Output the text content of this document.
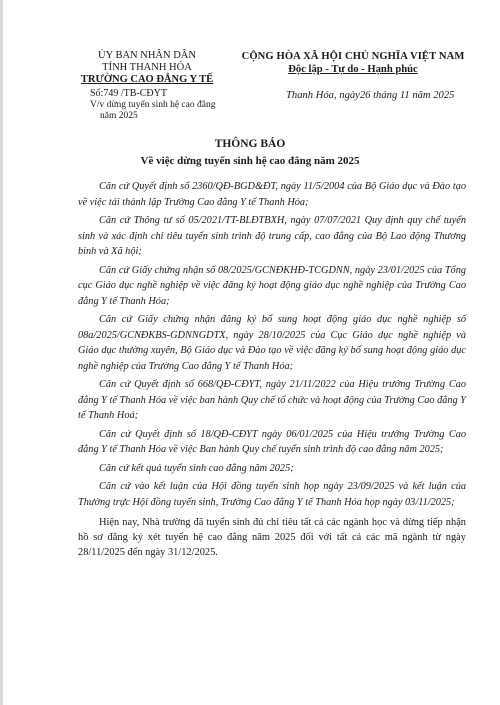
ỦY BAN NHÂN DÂN
TỈNH THANH HÓA
TRƯỜNG CAO ĐẲNG Y TẾ
Số:749 /TB-CĐYT
V/v dừng tuyển sinh hệ cao đẳng
năm 2025
CỘNG HÒA XÃ HỘI CHỦ NGHĨA VIỆT NAM
Độc lập - Tự do - Hạnh phúc
Thanh Hóa, ngày26 tháng 11 năm 2025
THÔNG BÁO
Về việc dừng tuyển sinh hệ cao đẳng năm 2025

Căn cứ Quyết định số 2360/QĐ-BGD&ĐT, ngày 11/5/2004 của Bộ Giáo dục và Đào tạo về việc tái thành lập Trường Cao đẳng Y tế Thanh Hóa;

Căn cứ Thông tư số 05/2021/TT-BLĐTBXH, ngày 07/07/2021 Quy định quy chế tuyển sinh và xác định chỉ tiêu tuyển sinh trình độ trung cấp, cao đẳng của Bộ Lao động Thương binh và Xã hội;

Căn cứ Giấy chứng nhận số 08/2025/GCNĐKHĐ-TCGDNN, ngày 23/01/2025 của Tổng cục Giáo dục nghề nghiệp về việc đăng ký hoạt động giáo dục nghề nghiệp của Trường Cao đẳng Y tế Thanh Hóa;

Căn cứ Giấy chứng nhận đăng ký bổ sung hoạt động giáo dục nghề nghiệp số 08a/2025/GCNĐKBS-GDNNGDTX, ngày 28/10/2025 của Cục Giáo dục nghề nghiệp và Giáo dục thường xuyên, Bộ Giáo dục và Đào tạo về việc đăng ký bổ sung hoạt động giáo dục nghề nghiệp của Trường Cao đẳng Y tế Thanh Hóa;

Căn cứ Quyết định số 668/QĐ-CĐYT, ngày 21/11/2022 của Hiệu trưởng Trường Cao đẳng Y tế Thanh Hóa về việc ban hành Quy chế tổ chức và hoạt động của Trường Cao đẳng Y tế Thanh Hoá;

Căn cứ Quyết định số 18/QĐ-CĐYT ngày 06/01/2025 của Hiệu trưởng Trường Cao đẳng Y tế Thanh Hóa về việc Ban hành Quy chế tuyển sinh trình độ cao đẳng năm 2025;

Căn cứ kết quả tuyển sinh cao đẳng năm 2025;

Căn cứ vào kết luận của Hội đồng tuyển sinh họp ngày 23/09/2025 và kết luận của Thường trực Hội đồng tuyển sinh, Trường Cao đẳng Y tế Thanh Hóa họp ngày 03/11/2025;

Hiện nay, Nhà trường đã tuyển sinh đủ chỉ tiêu tất cả các ngành học và dừng tiếp nhận hồ sơ đăng ký xét tuyển hệ cao đẳng năm 2025 đối với tất cả các mã ngành từ ngày 28/11/2025 đến ngày 31/12/2025.
